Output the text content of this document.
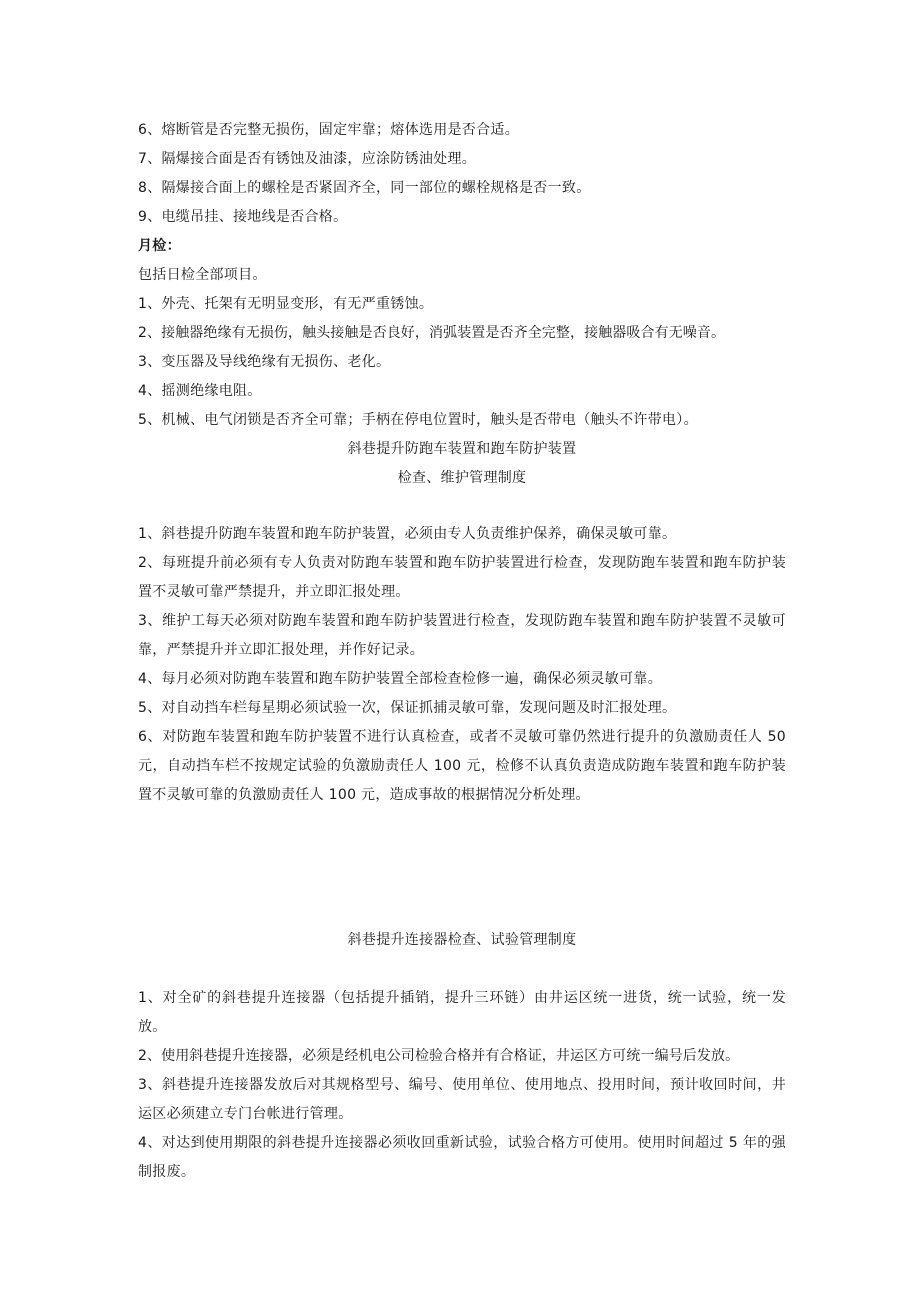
6、熔断管是否完整无损伤，固定牢靠；熔体选用是否合适。

7、隔爆接合面是否有锈蚀及油漆，应涂防锈油处理。

8、隔爆接合面上的螺栓是否紧固齐全，同一部位的螺栓规格是否一致。

9、电缆吊挂、接地线是否合格。

月检：

包括日检全部项目。

1、外壳、托架有无明显变形，有无严重锈蚀。

2、接触器绝缘有无损伤，触头接触是否良好，消弧装置是否齐全完整，接触器吸合有无噪音。

3、变压器及导线绝缘有无损伤、老化。

4、摇测绝缘电阻。

5、机械、电气闭锁是否齐全可靠；手柄在停电位置时，触头是否带电（触头不许带电）。

斜巷提升防跑车装置和跑车防护装置

检查、维护管理制度

1、斜巷提升防跑车装置和跑车防护装置，必须由专人负责维护保养，确保灵敏可靠。

2、每班提升前必须有专人负责对防跑车装置和跑车防护装置进行检查，发现防跑车装置和跑车防护装置不灵敏可靠严禁提升，并立即汇报处理。

3、维护工每天必须对防跑车装置和跑车防护装置进行检查，发现防跑车装置和跑车防护装置不灵敏可靠，严禁提升并立即汇报处理，并作好记录。

4、每月必须对防跑车装置和跑车防护装置全部检查检修一遍，确保必须灵敏可靠。

5、对自动挡车栏每星期必须试验一次，保证抓捕灵敏可靠，发现问题及时汇报处理。

6、对防跑车装置和跑车防护装置不进行认真检查，或者不灵敏可靠仍然进行提升的负激励责任人 50 元，自动挡车栏不按规定试验的负激励责任人 100 元，检修不认真负责造成防跑车装置和跑车防护装置不灵敏可靠的负激励责任人 100 元，造成事故的根据情况分析处理。

斜巷提升连接器检查、试验管理制度

1、对全矿的斜巷提升连接器（包括提升插销，提升三环链）由井运区统一进货，统一试验，统一发放。

2、使用斜巷提升连接器，必须是经机电公司检验合格并有合格证，井运区方可统一编号后发放。

3、斜巷提升连接器发放后对其规格型号、编号、使用单位、使用地点、投用时间，预计收回时间，井运区必须建立专门台帐进行管理。

4、对达到使用期限的斜巷提升连接器必须收回重新试验，试验合格方可使用。使用时间超过 5 年的强制报废。
